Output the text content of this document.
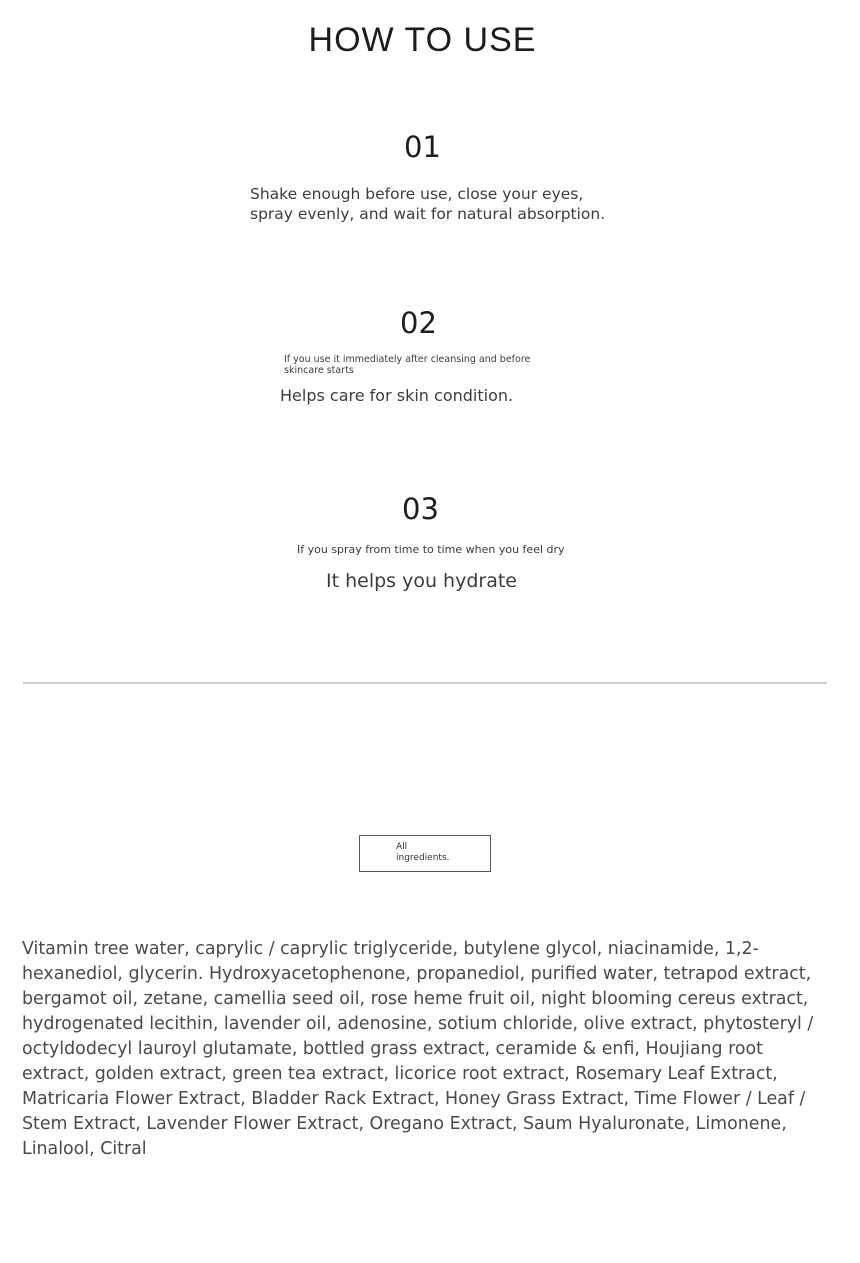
HOW TO USE
01
Shake enough before use, close your eyes,
spray evenly, and wait for natural absorption.
02
If you use it immediately after cleansing and before skincare starts
Helps care for skin condition.
03
If you spray from time to time when you feel dry
It helps you hydrate
All ingredients.
Vitamin tree water, caprylic / caprylic triglyceride, butylene glycol, niacinamide, 1,2-hexanediol, glycerin. Hydroxyacetophenone, propanediol, purified water, tetrapod extract, bergamot oil, zetane, camellia seed oil, rose heme fruit oil, night blooming cereus extract, hydrogenated lecithin, lavender oil, adenosine, sotium chloride, olive extract, phytosteryl / octyldodecyl lauroyl glutamate, bottled grass extract, ceramide & enfi, Houjiang root extract, golden extract, green tea extract, licorice root extract, Rosemary Leaf Extract, Matricaria Flower Extract, Bladder Rack Extract, Honey Grass Extract, Time Flower / Leaf / Stem Extract, Lavender Flower Extract, Oregano Extract, Saum Hyaluronate, Limonene, Linalool, Citral
